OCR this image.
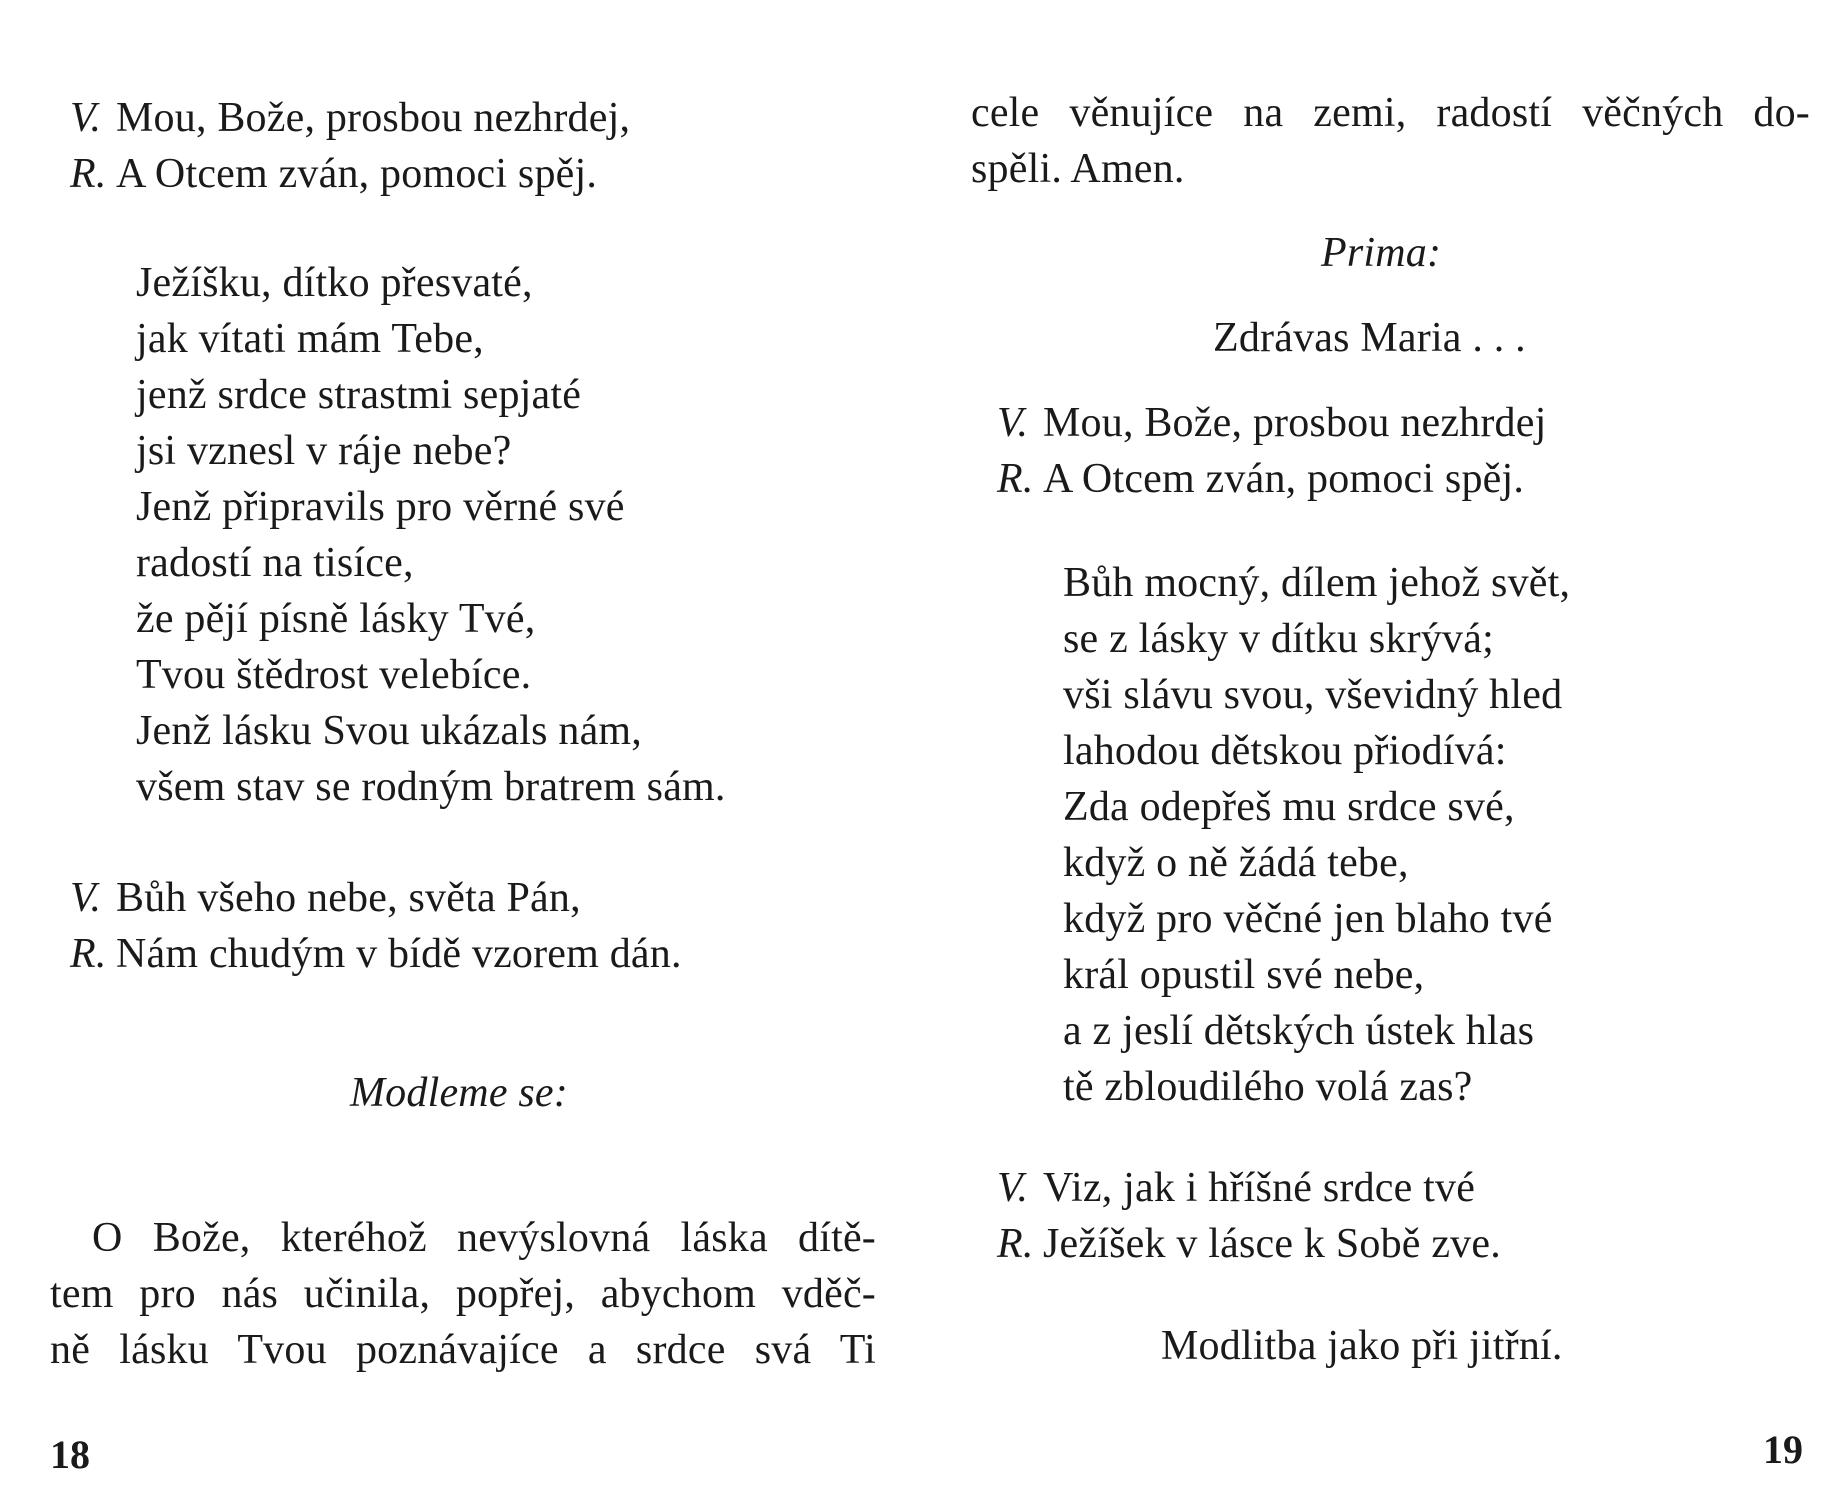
V. Mou, Bože, prosbou nezhrdej,
R. A Otcem zván, pomoci spěj.
Ježíšku, dítko přesvaté,
jak vítati mám Tebe,
jenž srdce strastmi sepjaté
jsi vznesl v ráje nebe?
Jenž připravils pro věrné své
radostí na tisíce,
že pějí písně lásky Tvé,
Tvou štědrost velebíce.
Jenž lásku Svou ukázals nám,
všem stav se rodným bratrem sám.
V. Bůh všeho nebe, světa Pán,
R. Nám chudým v bídě vzorem dán.
Modleme se:
O Bože, kteréhož nevýslovná láska dítě-
tem pro nás učinila, popřej, abychom vděč-
ně lásku Tvou poznávajíce a srdce svá Ti
18
cele věnujíce na zemi, radostí věčných do-
spěli. Amen.
Prima:
Zdrávas Maria . . .
V. Mou, Bože, prosbou nezhrdej
R. A Otcem zván, pomoci spěj.
Bůh mocný, dílem jehož svět,
se z lásky v dítku skrývá;
vši slávu svou, vševidný hled
lahodou dětskou přiodívá:
Zda odepřeš mu srdce své,
když o ně žádá tebe,
když pro věčné jen blaho tvé
král opustil své nebe,
a z jeslí dětských ústek hlas
tě zbloudilého volá zas?
V. Viz, jak i hříšné srdce tvé
R. Ježíšek v lásce k Sobě zve.
Modlitba jako při jitřní.
19
